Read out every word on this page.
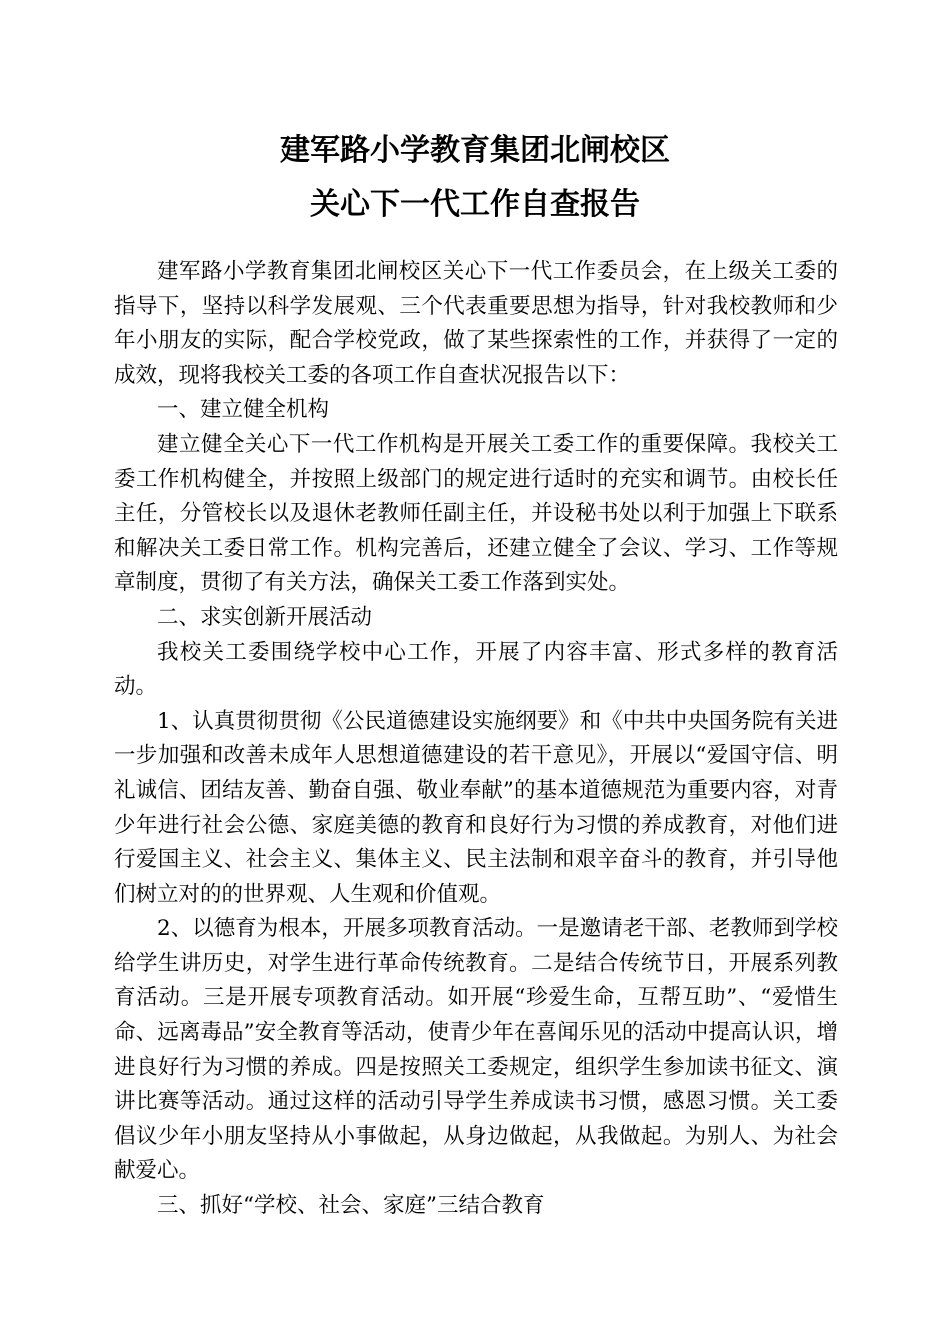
建军路小学教育集团北闸校区
关心下一代工作自查报告

建军路小学教育集团北闸校区关心下一代工作委员会，在上级关工委的指导下，坚持以科学发展观、三个代表重要思想为指导，针对我校教师和少年小朋友的实际，配合学校党政，做了某些探索性的工作，并获得了一定的成效，现将我校关工委的各项工作自查状况报告以下：

一、建立健全机构

建立健全关心下一代工作机构是开展关工委工作的重要保障。我校关工委工作机构健全，并按照上级部门的规定进行适时的充实和调节。由校长任主任，分管校长以及退休老教师任副主任，并设秘书处以利于加强上下联系和解决关工委日常工作。机构完善后，还建立健全了会议、学习、工作等规章制度，贯彻了有关方法，确保关工委工作落到实处。

二、求实创新开展活动

我校关工委围绕学校中心工作，开展了内容丰富、形式多样的教育活动。

1、认真贯彻贯彻《公民道德建设实施纲要》和《中共中央国务院有关进一步加强和改善未成年人思想道德建设的若干意见》，开展以“爱国守信、明礼诚信、团结友善、勤奋自强、敬业奉献”的基本道德规范为重要内容，对青少年进行社会公德、家庭美德的教育和良好行为习惯的养成教育，对他们进行爱国主义、社会主义、集体主义、民主法制和艰辛奋斗的教育，并引导他们树立对的的世界观、人生观和价值观。

2、以德育为根本，开展多项教育活动。一是邀请老干部、老教师到学校给学生讲历史，对学生进行革命传统教育。二是结合传统节日，开展系列教育活动。三是开展专项教育活动。如开展“珍爱生命，互帮互助”、“爱惜生命、远离毒品”安全教育等活动，使青少年在喜闻乐见的活动中提高认识，增进良好行为习惯的养成。四是按照关工委规定，组织学生参加读书征文、演讲比赛等活动。通过这样的活动引导学生养成读书习惯，感恩习惯。关工委倡议少年小朋友坚持从小事做起，从身边做起，从我做起。为别人、为社会献爱心。

三、抓好“学校、社会、家庭”三结合教育
